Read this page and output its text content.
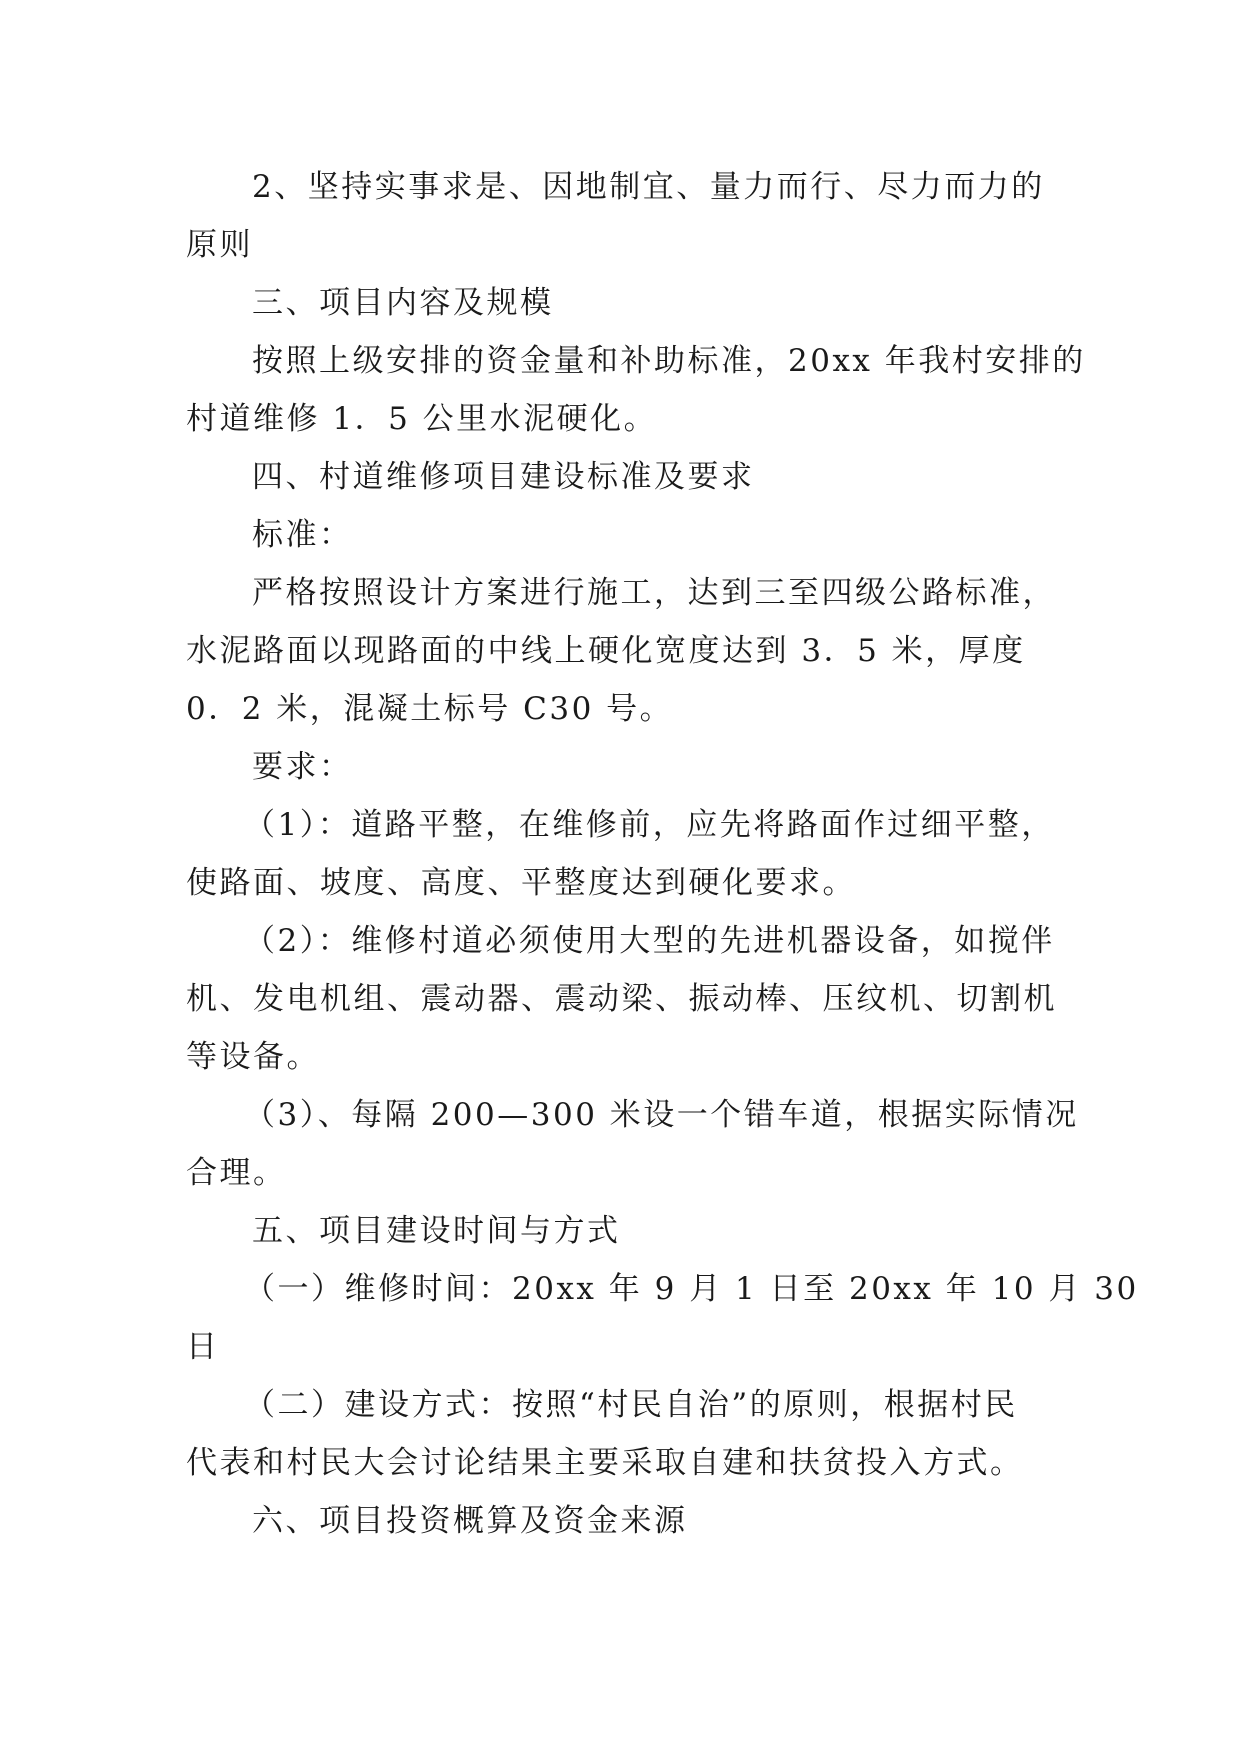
2、坚持实事求是、因地制宜、量力而行、尽力而力的
原则
三、项目内容及规模
按照上级安排的资金量和补助标准，20xx 年我村安排的
村道维修 1．5 公里水泥硬化。
四、村道维修项目建设标准及要求
标准：
严格按照设计方案进行施工，达到三至四级公路标准，
水泥路面以现路面的中线上硬化宽度达到 3．5 米，厚度
0．2 米，混凝土标号 C30 号。
要求：
（1）：道路平整，在维修前，应先将路面作过细平整，
使路面、坡度、高度、平整度达到硬化要求。
（2）：维修村道必须使用大型的先进机器设备，如搅伴
机、发电机组、震动器、震动梁、振动棒、压纹机、切割机
等设备。
（3）、每隔 200—300 米设一个错车道，根据实际情况
合理。
五、项目建设时间与方式
（一）维修时间：20xx 年 9 月 1 日至 20xx 年 10 月 30
日
（二）建设方式：按照“村民自治”的原则，根据村民
代表和村民大会讨论结果主要采取自建和扶贫投入方式。
六、项目投资概算及资金来源
